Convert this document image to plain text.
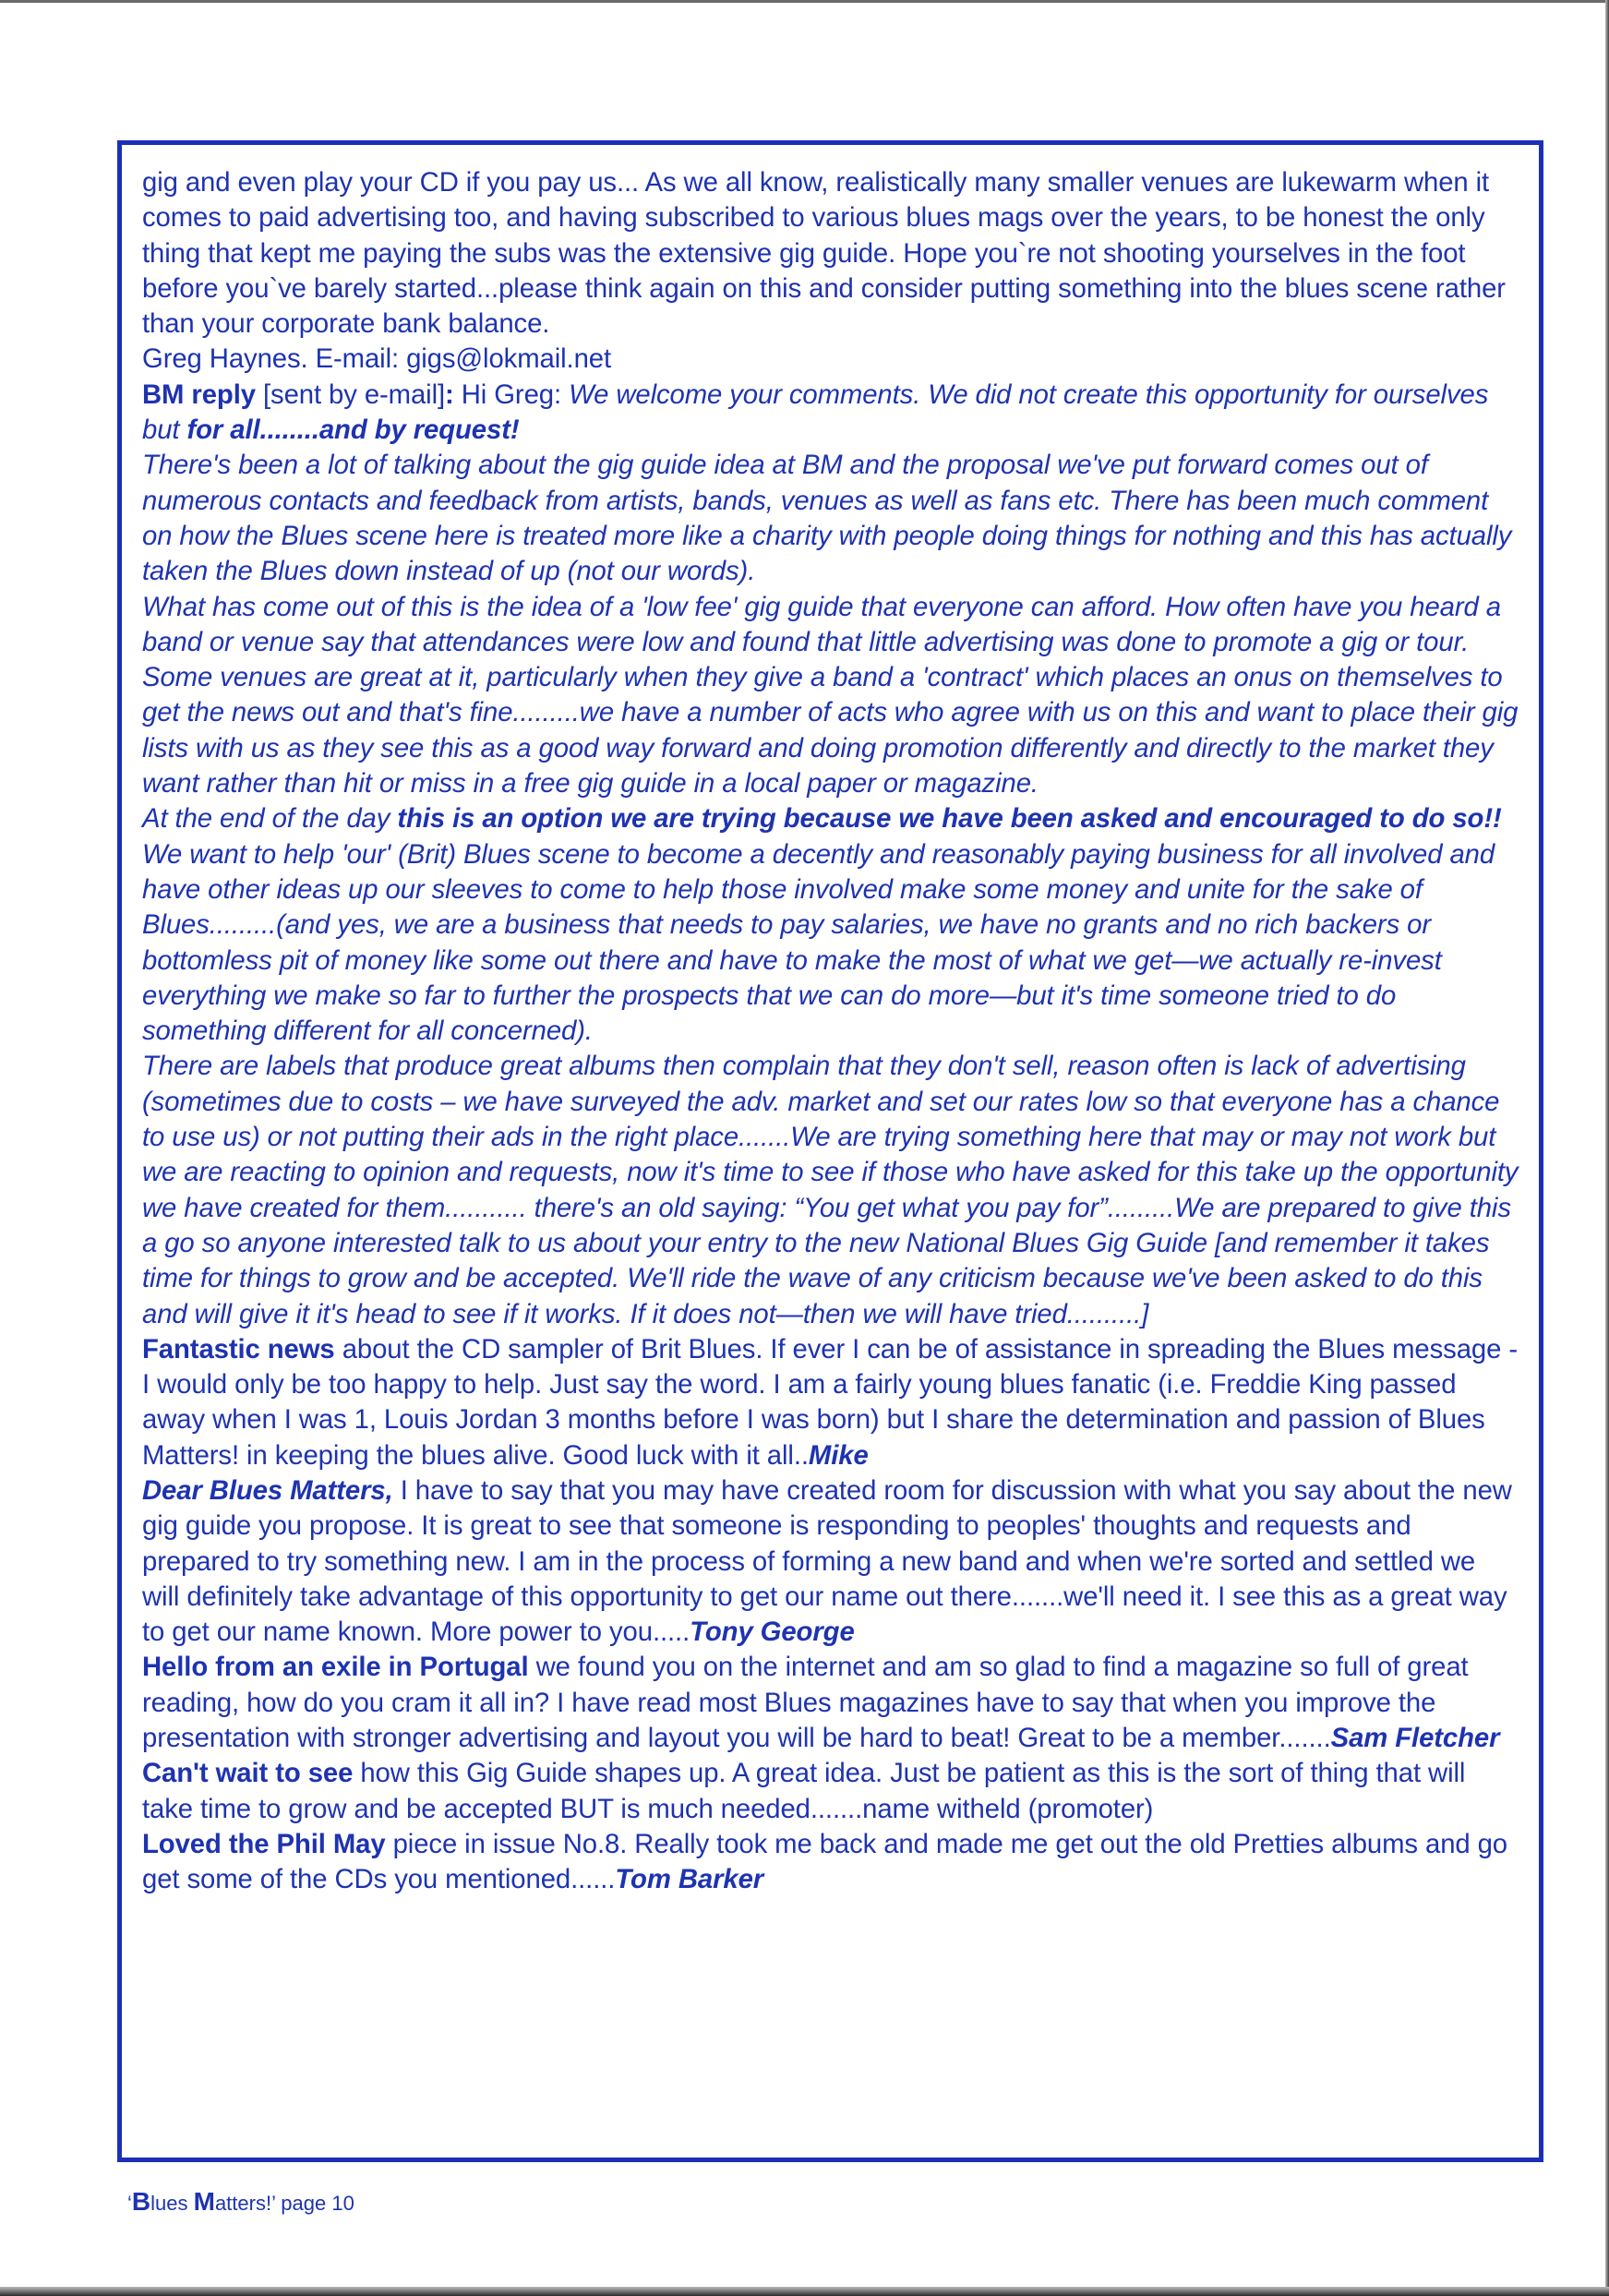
gig and even play your CD if you pay us... As we all know, realistically many smaller venues are lukewarm when it comes to paid advertising too, and having subscribed to various blues mags over the years, to be honest the only thing that kept me paying the subs was the extensive gig guide. Hope you`re not shooting yourselves in the foot before you`ve barely started...please think again on this and consider putting something into the blues scene rather than your corporate bank balance.

Greg Haynes. E-mail: gigs@lokmail.net

BM reply [sent by e-mail]: Hi Greg: We welcome your comments. We did not create this opportunity for ourselves but for all........and by request!

There's been a lot of talking about the gig guide idea at BM and the proposal we've put forward comes out of numerous contacts and feedback from artists, bands, venues as well as fans etc. There has been much comment on how the Blues scene here is treated more like a charity with people doing things for nothing and this has actually taken the Blues down instead of up (not our words).

What has come out of this is the idea of a 'low fee' gig guide that everyone can afford. How often have you heard a band or venue say that attendances were low and found that little advertising was done to promote a gig or tour. Some venues are great at it, particularly when they give a band a 'contract' which places an onus on themselves to get the news out and that's fine.........we have a number of acts who agree with us on this and want to place their gig lists with us as they see this as a good way forward and doing promotion differently and directly to the market they want rather than hit or miss in a free gig guide in a local paper or magazine.

At the end of the day this is an option we are trying because we have been asked and encouraged to do so!!

We want to help 'our' (Brit) Blues scene to become a decently and reasonably paying business for all involved and have other ideas up our sleeves to come to help those involved make some money and unite for the sake of Blues.........(and yes, we are a business that needs to pay salaries, we have no grants and no rich backers or bottomless pit of money like some out there and have to make the most of what we get—we actually re-invest everything we make so far to further the prospects that we can do more—but it's time someone tried to do something different for all concerned).

There are labels that produce great albums then complain that they don't sell, reason often is lack of advertising (sometimes due to costs – we have surveyed the adv. market and set our rates low so that everyone has a chance to use us) or not putting their ads in the right place.......We are trying something here that may or may not work but we are reacting to opinion and requests, now it's time to see if those who have asked for this take up the opportunity we have created for them........... there's an old saying: “You get what you pay for”.........We are prepared to give this a go so anyone interested talk to us about your entry to the new National Blues Gig Guide [and remember it takes time for things to grow and be accepted. We'll ride the wave of any criticism because we've been asked to do this and will give it it's head to see if it works. If it does not—then we will have tried..........]

Fantastic news about the CD sampler of Brit Blues. If ever I can be of assistance in spreading the Blues message - I would only be too happy to help. Just say the word. I am a fairly young blues fanatic (i.e. Freddie King passed away when I was 1, Louis Jordan 3 months before I was born) but I share the determination and passion of Blues Matters! in keeping the blues alive. Good luck with it all..Mike

Dear Blues Matters, I have to say that you may have created room for discussion with what you say about the new gig guide you propose. It is great to see that someone is responding to peoples' thoughts and requests and prepared to try something new. I am in the process of forming a new band and when we're sorted and settled we will definitely take advantage of this opportunity to get our name out there.......we'll need it. I see this as a great way to get our name known. More power to you.....Tony George

Hello from an exile in Portugal we found you on the internet and am so glad to find a magazine so full of great reading, how do you cram it all in? I have read most Blues magazines have to say that when you improve the presentation with stronger advertising and layout you will be hard to beat! Great to be a member.......Sam Fletcher

Can't wait to see how this Gig Guide shapes up. A great idea. Just be patient as this is the sort of thing that will take time to grow and be accepted BUT is much needed.......name witheld (promoter)

Loved the Phil May piece in issue No.8. Really took me back and made me get out the old Pretties albums and go get some of the CDs you mentioned......Tom Barker

‘Blues Matters!’ page 10
